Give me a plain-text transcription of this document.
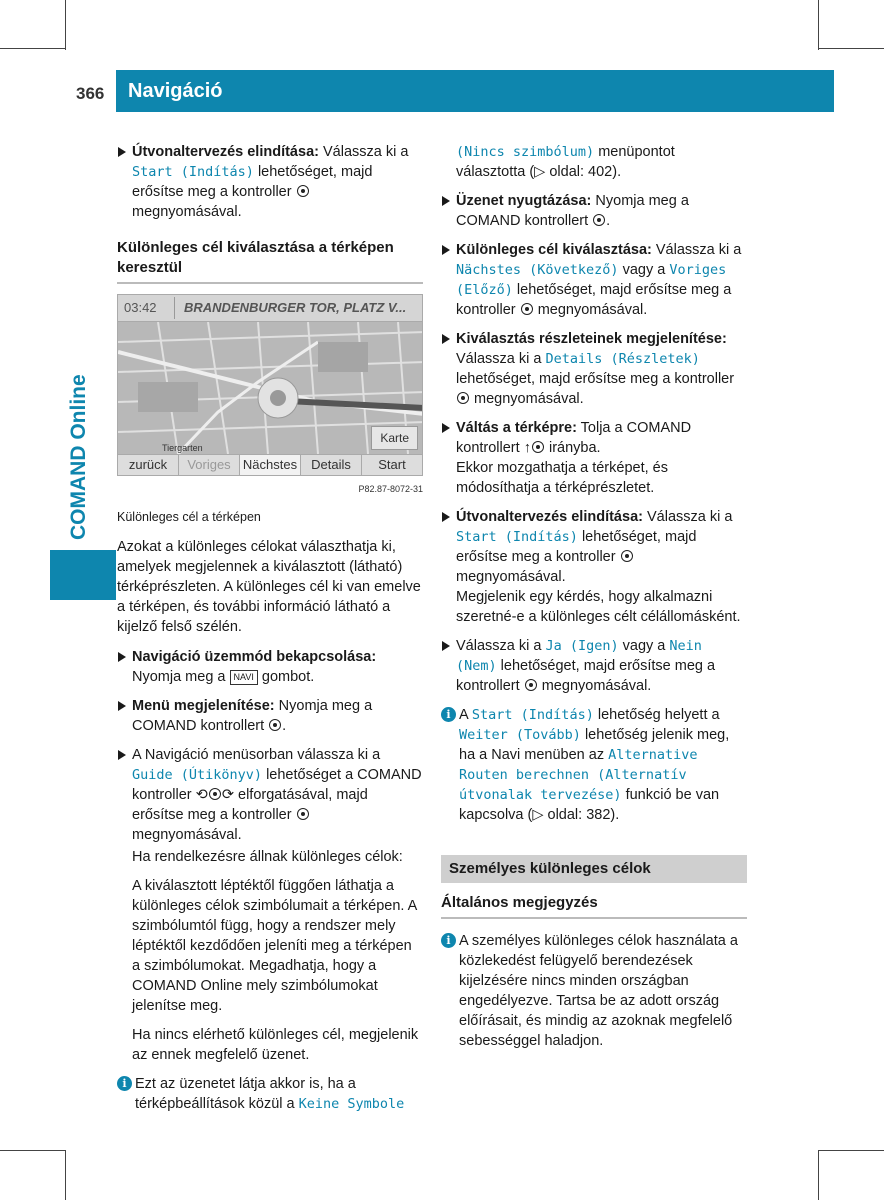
366 Navigáció
COMAND Online
Útvonaltervezés elindítása: Válassza ki a Start (Indítás) lehetőséget, majd erősítse meg a kontroller  megnyomásával.
Különleges cél kiválasztása a térképen keresztül
03:42 BRANDENBURGER TOR, PLATZ V...
Tiergarten
Karte
zurück	Voriges Nächstes	Details	Start
P82.87-8072-31
Különleges cél a térképen
Azokat a különleges célokat választhatja ki, amelyek megjelennek a kiválasztott (látható) térképrészleten. A különleges cél ki van emelve a térképen, és további információ látható a kijelző felső szélén.
Navigáció üzemmód bekapcsolása: Nyomja meg a NAVI gombot.
Menü megjelenítése: Nyomja meg a COMAND kontrollert .
A Navigáció menüsorban válassza ki a Guide (Útikönyv) lehetőséget a COMAND kontroller ⟲ ⟳ elforgatásával, majd erősítse meg a kontroller  megnyomásával.
Ha rendelkezésre állnak különleges célok:
A kiválasztott léptéktől függően láthatja a különleges célok szimbólumait a térképen. A szimbólumtól függ, hogy a rendszer mely léptéktől kezdődően jeleníti meg a térképen a szimbólumokat. Megadhatja, hogy a COMAND Online mely szimbólumokat jelenítse meg.
Ha nincs elérhető különleges cél, megjelenik az ennek megfelelő üzenet.
i Ezt az üzenetet látja akkor is, ha a térképbeállítások közül a Keine Symbole
(Nincs szimbólum) menüpontot választotta (▷ oldal: 402).
Üzenet nyugtázása: Nyomja meg a COMAND kontrollert .
Különleges cél kiválasztása: Válassza ki a Nächstes (Következő) vagy a Voriges (Előző) lehetőséget, majd erősítse meg a kontroller  megnyomásával.
Kiválasztás részleteinek megjelenítése: Válassza ki a Details (Részletek) lehetőséget, majd erősítse meg a kontroller  megnyomásával.
Váltás a térképre: Tolja a COMAND kontrollert ↑ irányba.
Ekkor mozgathatja a térképet, és módosíthatja a térképrészletet.
Útvonaltervezés elindítása: Válassza ki a Start (Indítás) lehetőséget, majd erősítse meg a kontroller  megnyomásával.
Megjelenik egy kérdés, hogy alkalmazni szeretné-e a különleges célt célállomásként.
Válassza ki a Ja (Igen) vagy a Nein (Nem) lehetőséget, majd erősítse meg a kontrollert  megnyomásával.
i A Start (Indítás) lehetőség helyett a Weiter (Tovább) lehetőség jelenik meg, ha a Navi menüben az Alternative Routen berechnen (Alternatív útvonalak tervezése) funkció be van kapcsolva (▷ oldal: 382).
Személyes különleges célok
Általános megjegyzés
i A személyes különleges célok használata a közlekedést felügyelő berendezések kijelzésére nincs minden országban engedélyezve. Tartsa be az adott ország előírásait, és mindig az azoknak megfelelő sebességgel haladjon.
